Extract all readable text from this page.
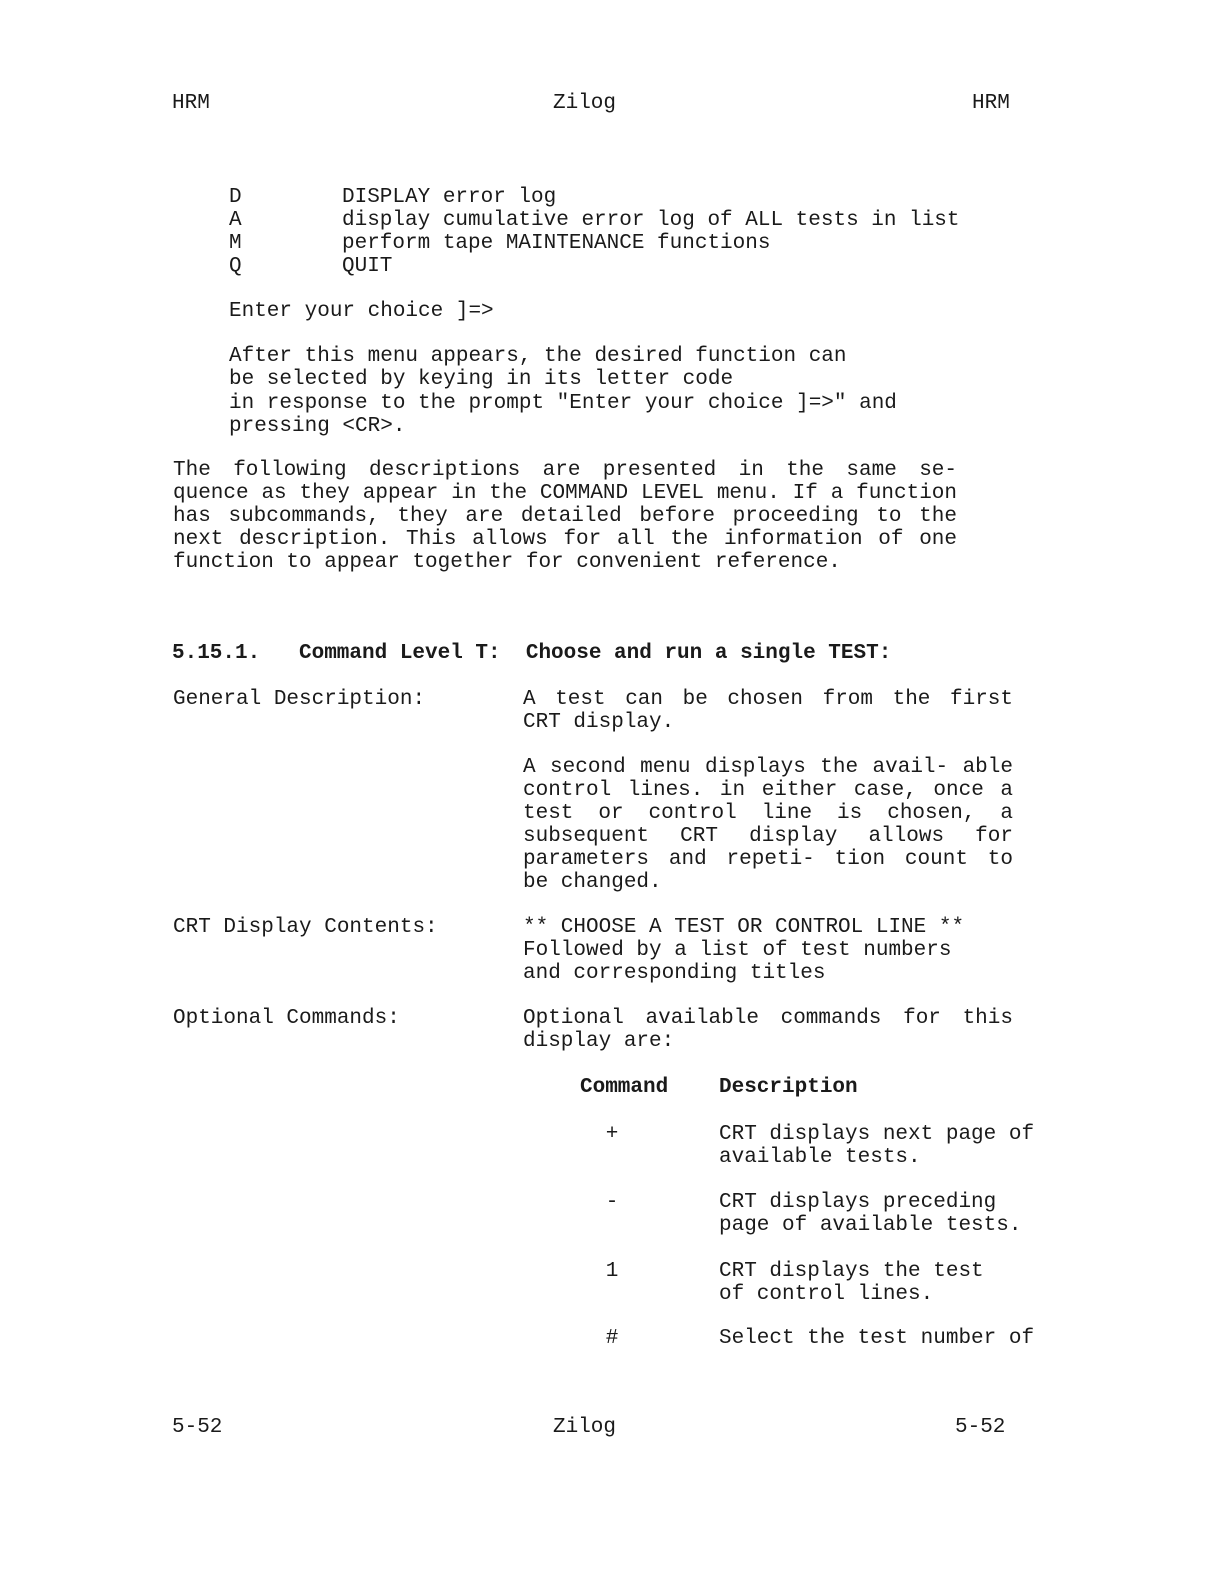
HRM	Zilog	HRM
D	DISPLAY error log
A	display cumulative error log of ALL tests in list
M	perform tape MAINTENANCE functions
Q	QUIT
Enter your choice ]=>
After this menu appears, the desired function can
be selected by keying in its letter code
in response to the prompt "Enter your choice ]=>" and
pressing <CR>.
The following descriptions are presented in the same se- quence as they appear in the COMMAND LEVEL menu. If a function has subcommands, they are detailed before proceeding to the next description. This allows for all the information of one function to appear together for convenient reference.
5.15.1. Command Level T:  Choose and run a single TEST:
General Description:	A test can be chosen from the first CRT display.
A second menu displays the avail- able control lines. in either case, once a test or control line is chosen, a subsequent CRT display allows for parameters and repeti- tion count to be changed.
CRT Display Contents:	** CHOOSE A TEST OR CONTROL LINE **
Followed by a list of test numbers
and corresponding titles
Optional Commands:	Optional available commands for this display are:
Command Description
+	CRT displays next page of
available tests.
-	CRT displays preceding
page of available tests.
1	CRT displays the test
of control lines.
#	Select the test number of
5-52	Zilog	5-52
